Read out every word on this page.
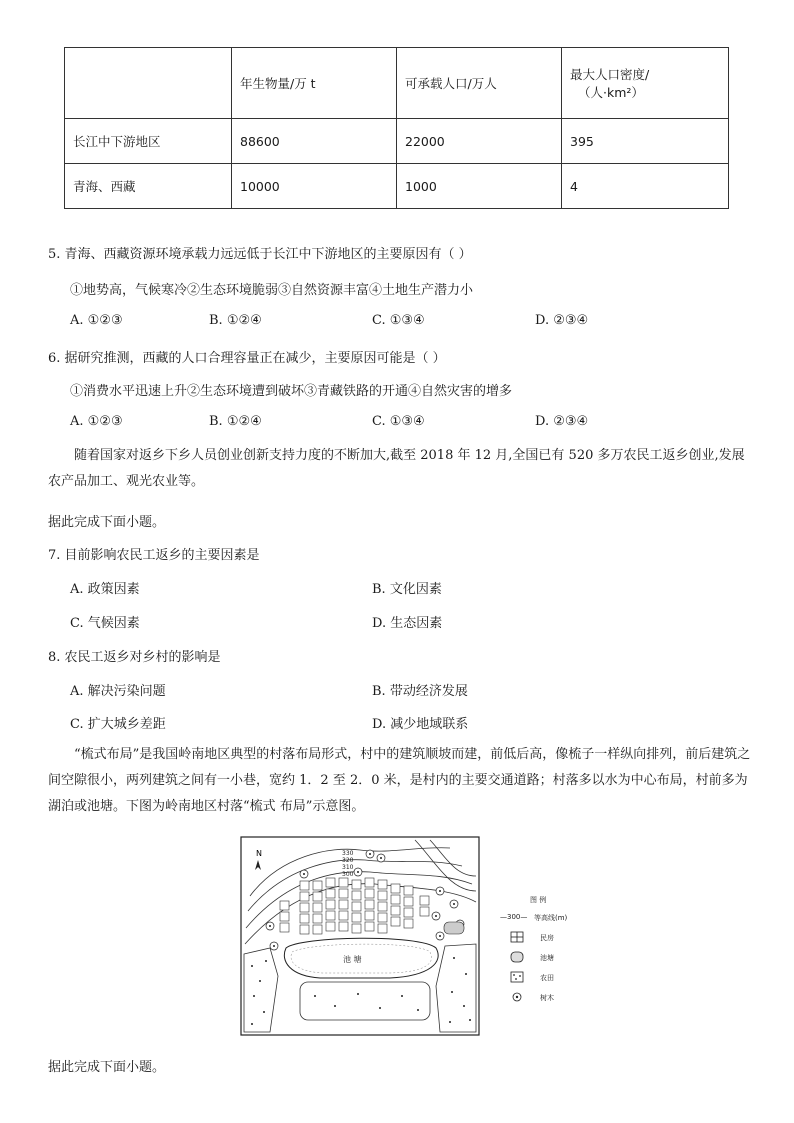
	年生物量/万 t	可承载人口/万人	最大人口密度/

（人·km²）

长江中下游地区	88600	22000	395
青海、西藏	10000	1000	4
5. 青海、西藏资源环境承载力远远低于长江中下游地区的主要原因有（ ）
①地势高，气候寒冷②生态环境脆弱③自然资源丰富④土地生产潜力小
A. ①②③	B. ①②④	C. ①③④	D. ②③④
6. 据研究推测，西藏的人口合理容量正在减少，主要原因可能是（ ）
①消费水平迅速上升②生态环境遭到破坏③青藏铁路的开通④自然灾害的增多
A. ①②③	B. ①②④	C. ①③④	D. ②③④
随着国家对返乡下乡人员创业创新支持力度的不断加大,截至 2018 年 12 月,全国已有 520 多万农民工返乡创业,发展农产品加工、观光农业等。
据此完成下面小题。
7. 目前影响农民工返乡的主要因素是
A. 政策因素	B. 文化因素
C. 气候因素	D. 生态因素
8. 农民工返乡对乡村的影响是
A. 解决污染问题	B. 带动经济发展
C. 扩大城乡差距	D. 减少地域联系
“梳式布局”是我国岭南地区典型的村落布局形式，村中的建筑顺坡而建，前低后高，像梳子一样纵向排列，前后建筑之间空隙很小，两列建筑之间有一小巷，宽约 1．2 至 2．0 米，是村内的主要交通道路；村落多以水为中心布局，村前多为湖泊或池塘。下图为岭南地区村落“梳式 布局”示意图。
N	330
320
310
300
池 塘
图 例
—300— 等高线(m)
民房
池塘
农田
树木
据此完成下面小题。
